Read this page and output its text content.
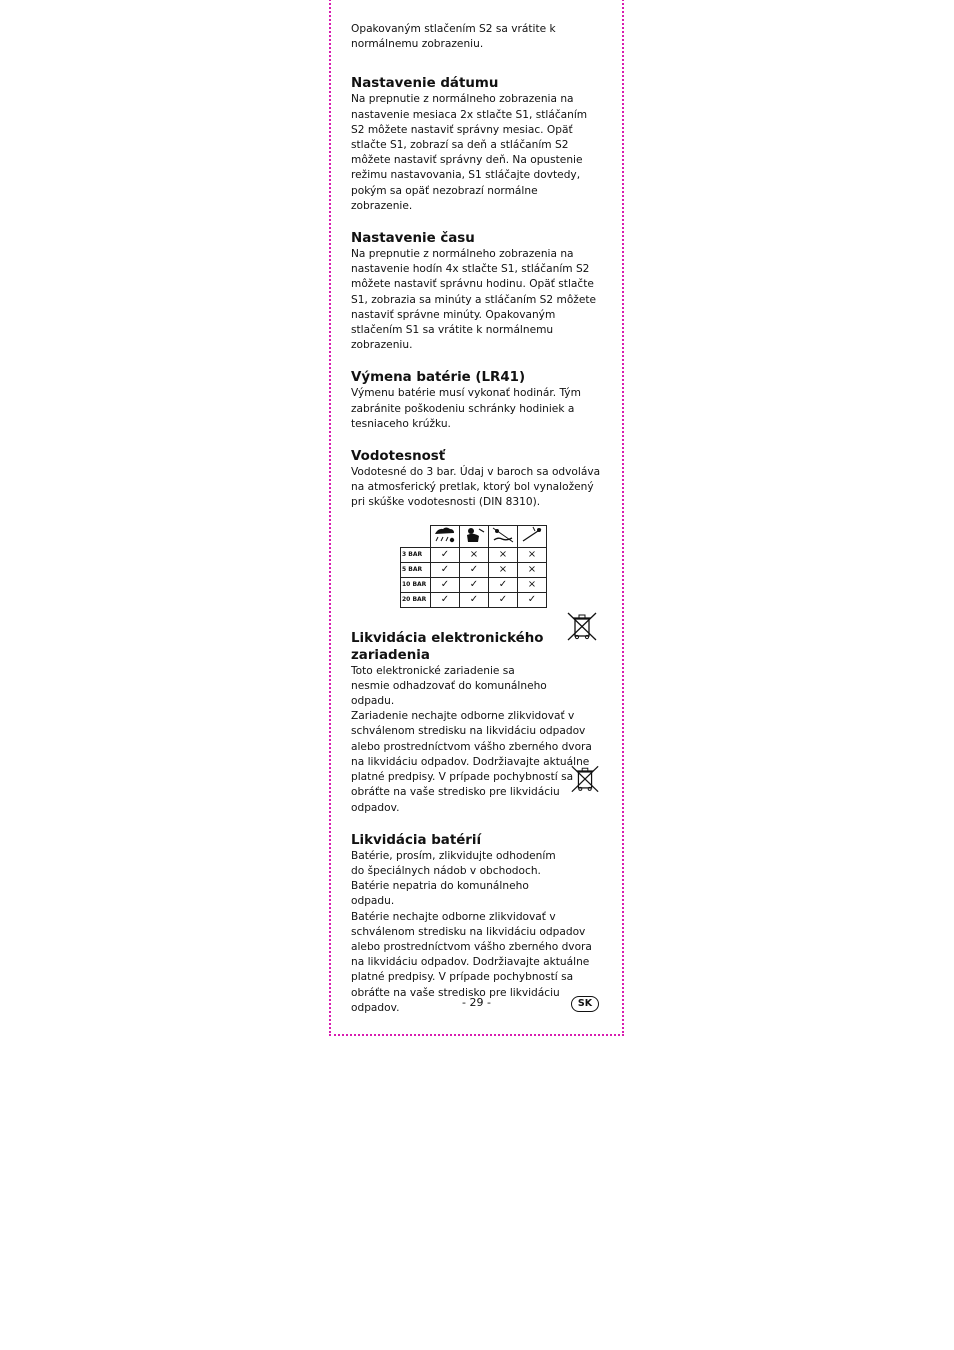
Opakovaným stlačením S2 sa vrátite k normálnemu zobrazeniu.

Nastavenie dátumu

Na prepnutie z normálneho zobrazenia na nastavenie mesiaca 2x stlačte S1, stláčaním S2 môžete nastaviť správny mesiac. Opäť stlačte S1, zobrazí sa deň a stláčaním S2 môžete nastaviť správny deň. Na opustenie režimu nastavovania, S1 stláčajte dovtedy, pokým sa opäť nezobrazí normálne zobrazenie.

Nastavenie času

Na prepnutie z normálneho zobrazenia na nastavenie hodín 4x stlačte S1, stláčaním S2 môžete nastaviť správnu hodinu. Opäť stlačte S1, zobrazia sa minúty a stláčaním S2 môžete nastaviť správne minúty. Opakovaným stlačením S1 sa vrátite k normálnemu zobrazeniu.

Výmena batérie (LR41)

Výmenu batérie musí vykonať hodinár. Tým zabránite poškodeniu schránky hodiniek a tesniaceho krúžku.

Vodotesnosť

Vodotesné do 3 bar. Údaj v baroch sa odvoláva na atmosferický pretlak, ktorý bol vynaložený pri skúške vodotesnosti (DIN 8310).

3 BAR	✓	×	×	×
5 BAR	✓	✓	×	×
10 BAR	✓	✓	✓	×
20 BAR	✓	✓	✓	✓
Likvidácia elektronického
zariadenia

Toto elektronické zariadenie sa nesmie odhadzovať do komunálneho odpadu.

Zariadenie nechajte odborne zlikvidovať v schválenom stredisku na likvidáciu odpadov alebo prostredníctvom vášho zberného dvora na likvidáciu odpadov. Dodržiavajte aktuálne platné predpisy. V prípade pochybností sa obráťte na vaše stredisko pre likvidáciu odpadov.

Likvidácia batérií

Batérie, prosím, zlikvidujte odhodením do špeciálnych nádob v obchodoch. Batérie nepatria do komunálneho odpadu.

Batérie nechajte odborne zlikvidovať v schválenom stredisku na likvidáciu odpadov alebo prostredníctvom vášho zberného dvora na likvidáciu odpadov. Dodržiavajte aktuálne platné predpisy. V prípade pochybností sa obráťte na vaše stredisko pre likvidáciu odpadov.	- 29 -	SK
